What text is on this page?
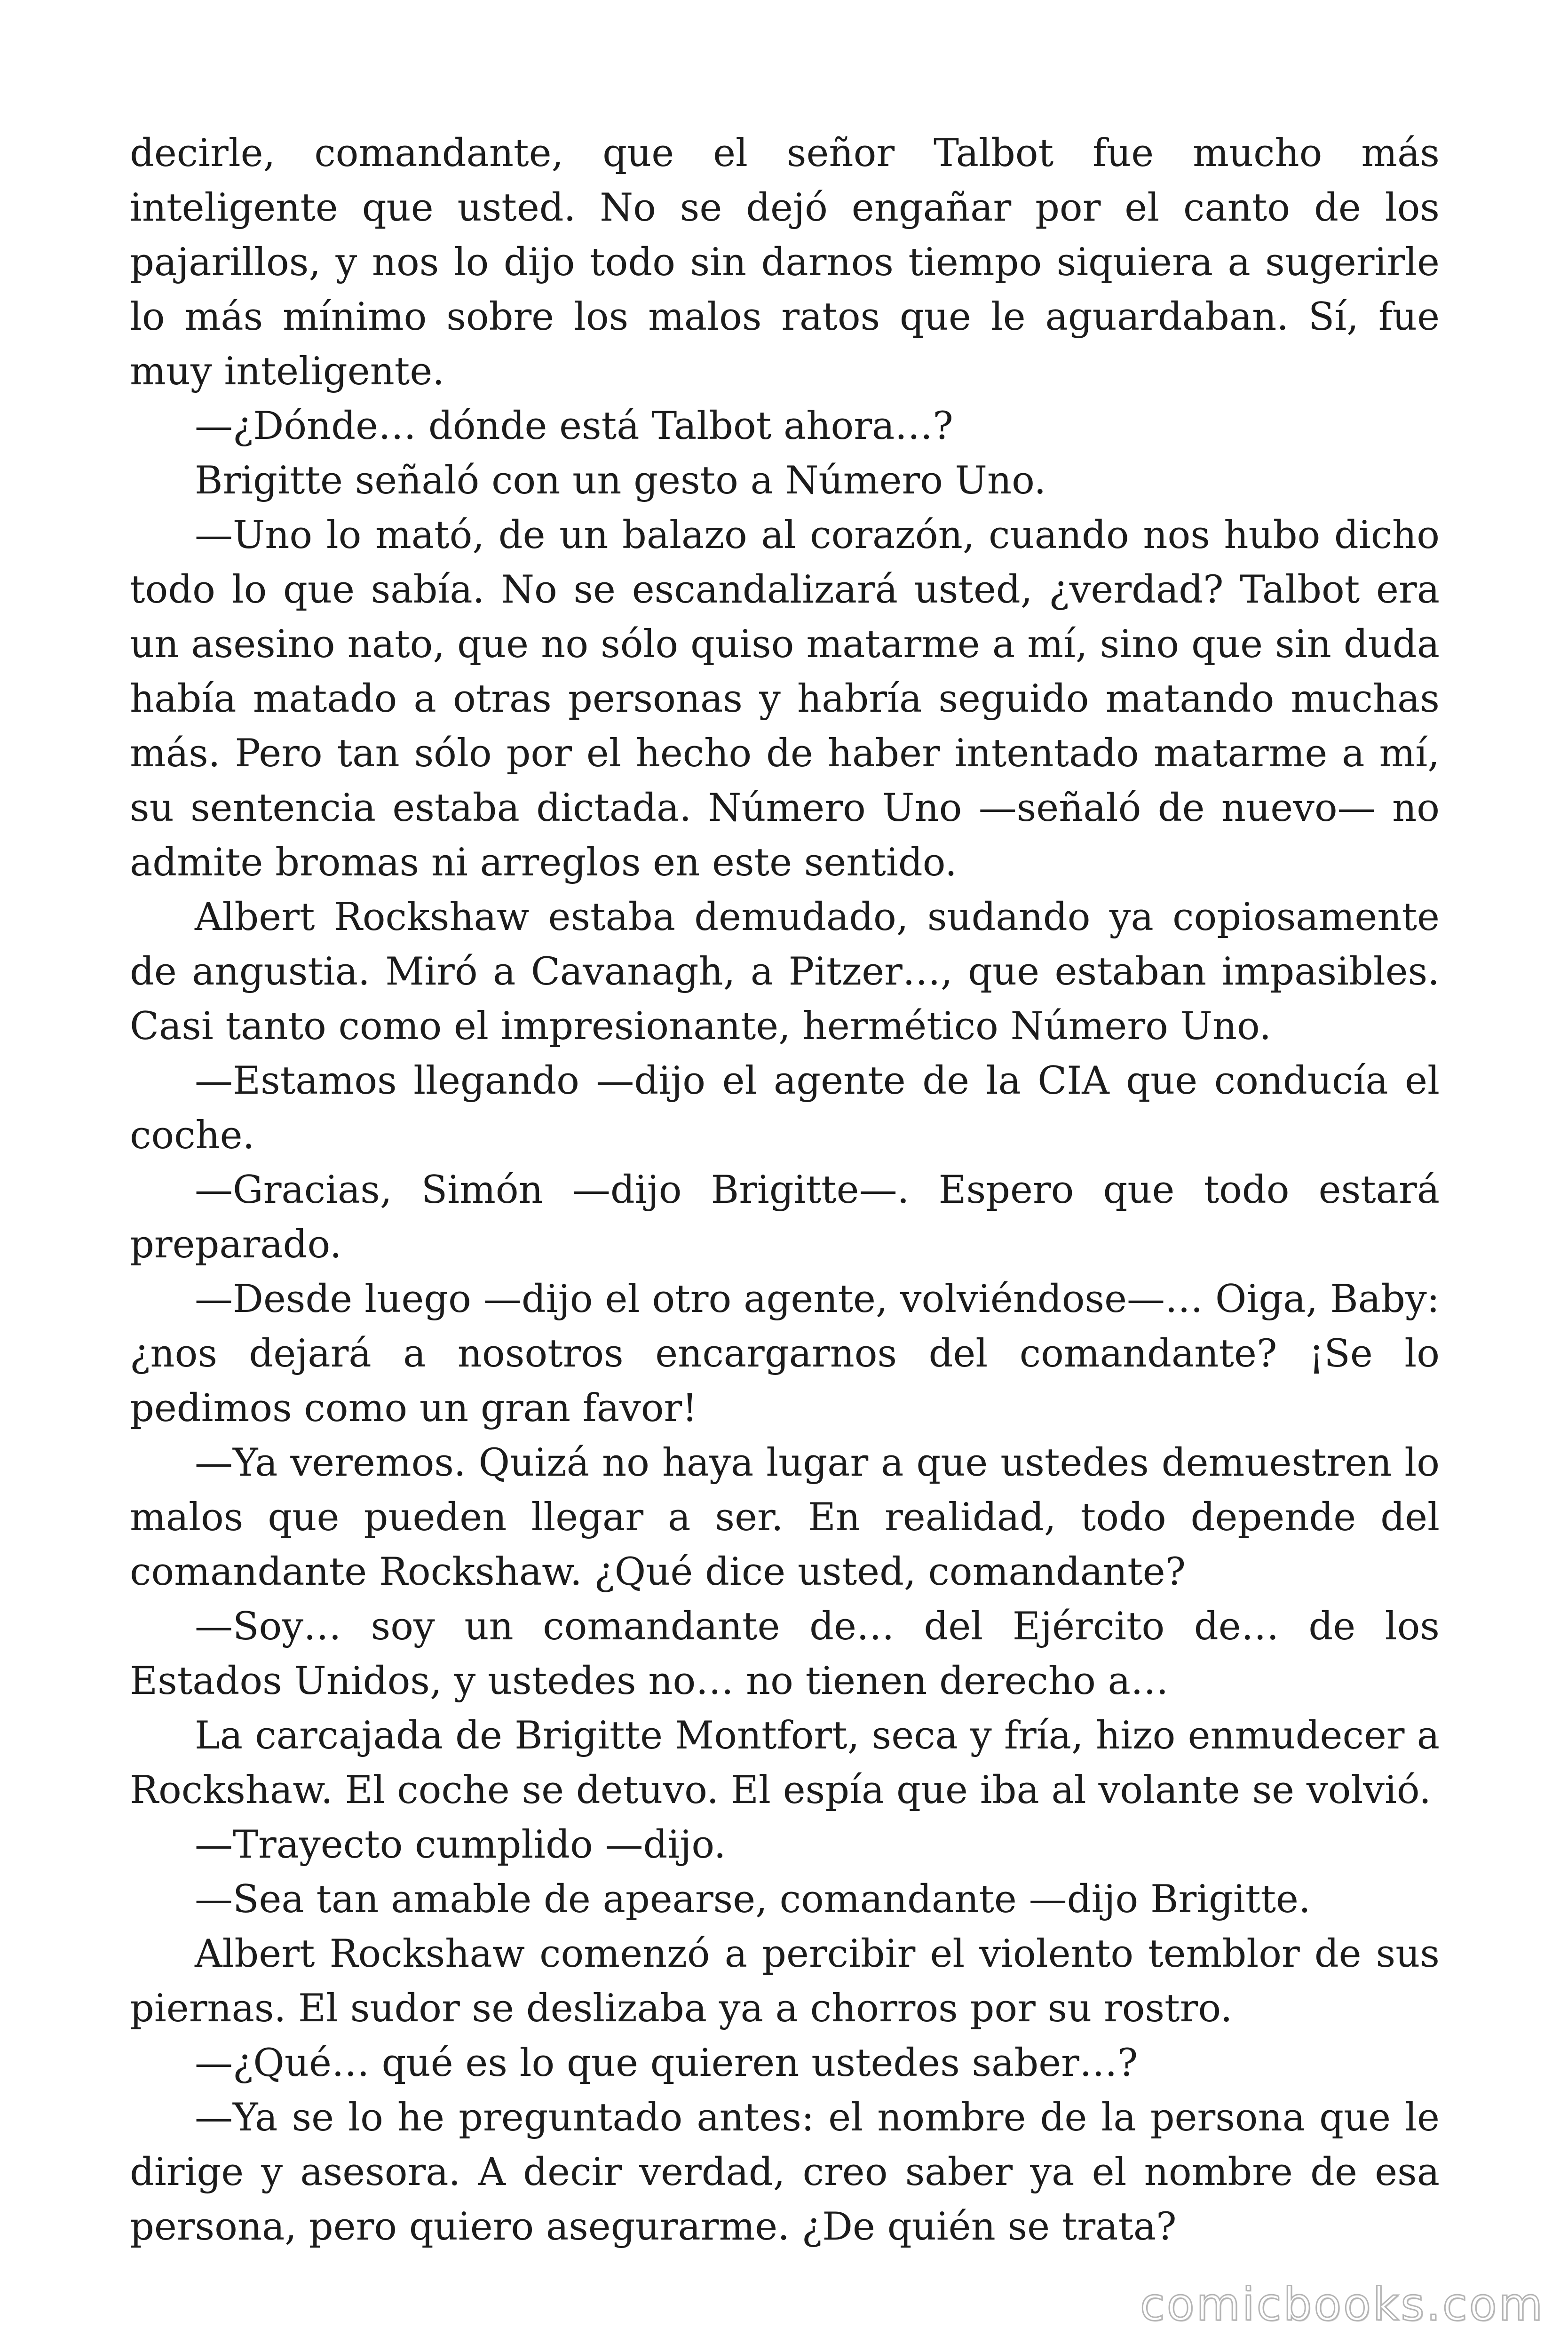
decirle, comandante, que el señor Talbot fue mucho más inteligente que usted. No se dejó engañar por el canto de los pajarillos, y nos lo dijo todo sin darnos tiempo siquiera a sugerirle lo más mínimo sobre los malos ratos que le aguardaban. Sí, fue muy inteligente.

—¿Dónde… dónde está Talbot ahora…?

Brigitte señaló con un gesto a Número Uno.

—Uno lo mató, de un balazo al corazón, cuando nos hubo dicho todo lo que sabía. No se escandalizará usted, ¿verdad? Talbot era un asesino nato, que no sólo quiso matarme a mí, sino que sin duda había matado a otras personas y habría seguido matando muchas más. Pero tan sólo por el hecho de haber intentado matarme a mí, su sentencia estaba dictada. Número Uno —señaló de nuevo— no admite bromas ni arreglos en este sentido.

Albert Rockshaw estaba demudado, sudando ya copiosamente de angustia. Miró a Cavanagh, a Pitzer…, que estaban impasibles. Casi tanto como el impresionante, hermético Número Uno.

—Estamos llegando —dijo el agente de la CIA que conducía el coche.

—Gracias, Simón —dijo Brigitte—. Espero que todo estará preparado.

—Desde luego —dijo el otro agente, volviéndose—… Oiga, Baby: ¿nos dejará a nosotros encargarnos del comandante? ¡Se lo pedimos como un gran favor!

—Ya veremos. Quizá no haya lugar a que ustedes demuestren lo malos que pueden llegar a ser. En realidad, todo depende del comandante Rockshaw. ¿Qué dice usted, comandante?

—Soy… soy un comandante de… del Ejército de… de los Estados Unidos, y ustedes no… no tienen derecho a…

La carcajada de Brigitte Montfort, seca y fría, hizo enmudecer a Rockshaw. El coche se detuvo. El espía que iba al volante se volvió.

—Trayecto cumplido —dijo.

—Sea tan amable de apearse, comandante —dijo Brigitte.

Albert Rockshaw comenzó a percibir el violento temblor de sus piernas. El sudor se deslizaba ya a chorros por su rostro.

—¿Qué… qué es lo que quieren ustedes saber…?

—Ya se lo he preguntado antes: el nombre de la persona que le dirige y asesora. A decir verdad, creo saber ya el nombre de esa persona, pero quiero asegurarme. ¿De quién se trata?

comicbooks.com
